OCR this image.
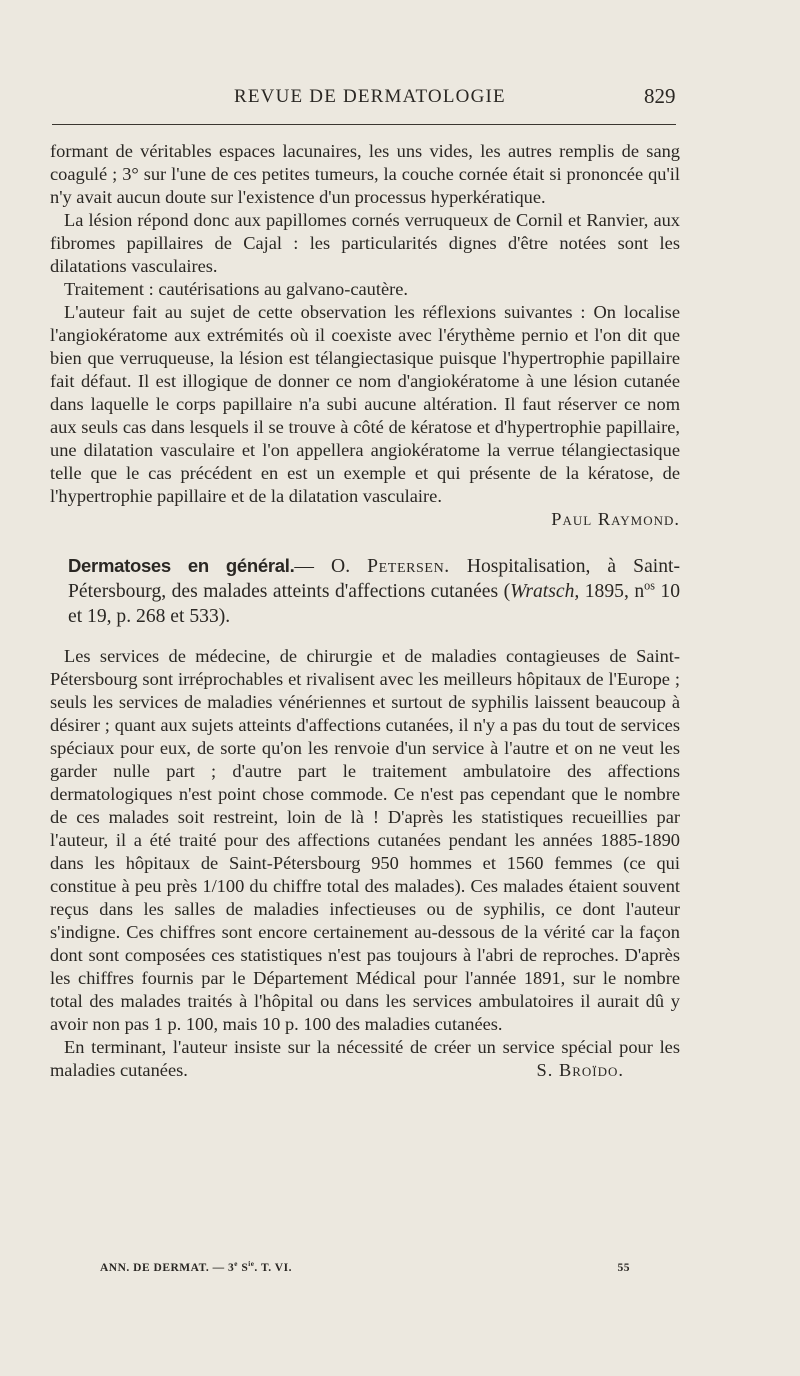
REVUE DE DERMATOLOGIE	829

formant de véritables espaces lacunaires, les uns vides, les autres remplis de sang coagulé ; 3° sur l'une de ces petites tumeurs, la couche cornée était si prononcée qu'il n'y avait aucun doute sur l'existence d'un processus hyperkératique.

La lésion répond donc aux papillomes cornés verruqueux de Cornil et Ranvier, aux fibromes papillaires de Cajal : les particularités dignes d'être notées sont les dilatations vasculaires.

Traitement : cautérisations au galvano-cautère.

L'auteur fait au sujet de cette observation les réflexions suivantes : On localise l'angiokératome aux extrémités où il coexiste avec l'érythème pernio et l'on dit que bien que verruqueuse, la lésion est télangiectasique puisque l'hypertrophie papillaire fait défaut. Il est illogique de donner ce nom d'angiokératome à une lésion cutanée dans laquelle le corps papillaire n'a subi aucune altération. Il faut réserver ce nom aux seuls cas dans lesquels il se trouve à côté de kératose et d'hypertrophie papillaire, une dilatation vasculaire et l'on appellera angiokératome la verrue télangiectasique telle que le cas précédent en est un exemple et qui présente de la kératose, de l'hypertrophie papillaire et de la dilatation vasculaire.

Paul Raymond.

Dermatoses en général.— O. Petersen. Hospitalisation, à Saint-Pétersbourg, des malades atteints d'affections cutanées (Wratsch, 1895, $n^{os}$ 10 et 19, p. 268 et 533).

Les services de médecine, de chirurgie et de maladies contagieuses de Saint-Pétersbourg sont irréprochables et rivalisent avec les meilleurs hôpitaux de l'Europe ; seuls les services de maladies vénériennes et surtout de syphilis laissent beaucoup à désirer ; quant aux sujets atteints d'affections cutanées, il n'y a pas du tout de services spéciaux pour eux, de sorte qu'on les renvoie d'un service à l'autre et on ne veut les garder nulle part ; d'autre part le traitement ambulatoire des affections dermatologiques n'est point chose commode. Ce n'est pas cependant que le nombre de ces malades soit restreint, loin de là ! D'après les statistiques recueillies par l'auteur, il a été traité pour des affections cutanées pendant les années 1885-1890 dans les hôpitaux de Saint-Pétersbourg 950 hommes et 1560 femmes (ce qui constitue à peu près 1/100 du chiffre total des malades). Ces malades étaient souvent reçus dans les salles de maladies infectieuses ou de syphilis, ce dont l'auteur s'indigne. Ces chiffres sont encore certainement au-dessous de la vérité car la façon dont sont composées ces statistiques n'est pas toujours à l'abri de reproches. D'après les chiffres fournis par le Département Médical pour l'année 1891, sur le nombre total des malades traités à l'hôpital ou dans les services ambulatoires il aurait dû y avoir non pas 1 p. 100, mais 10 p. 100 des maladies cutanées.

En terminant, l'auteur insiste sur la nécessité de créer un service spécial pour les maladies cutanées.	S. Broïdo.

ANN. DE DERMAT. — 3e $S^{ie}$. T. VI.	55
